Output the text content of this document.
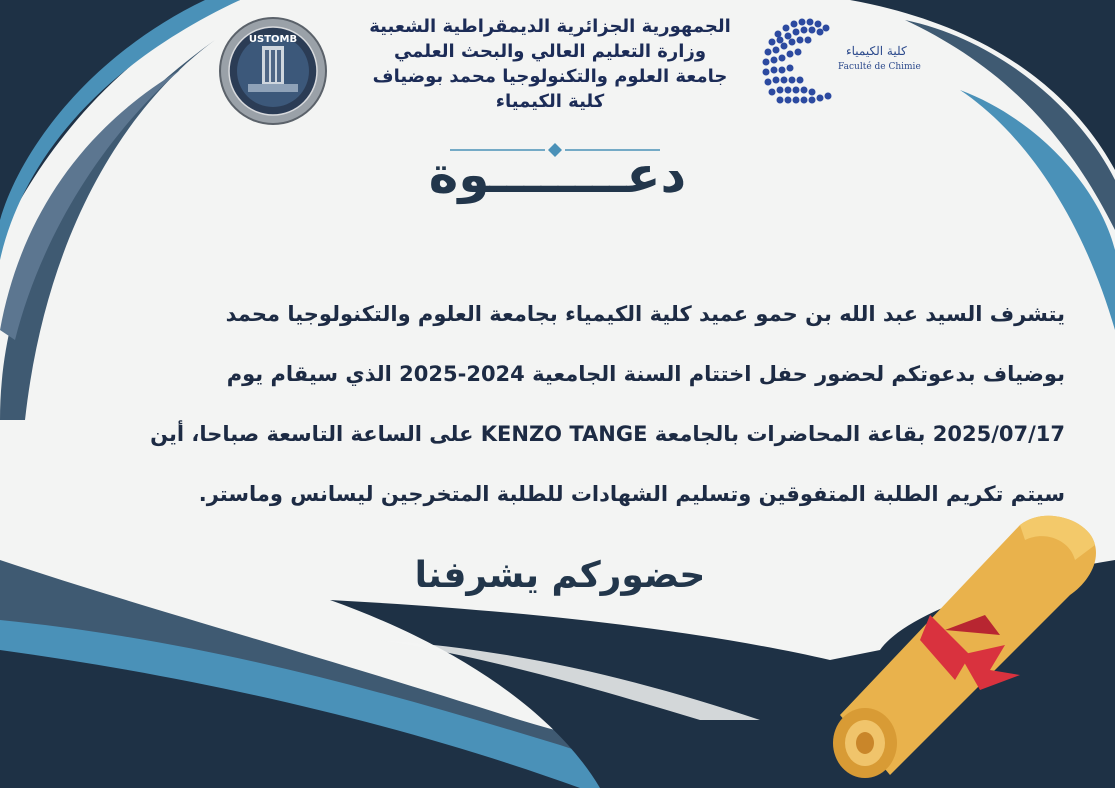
USTOMB
كلية الكيمياء
Faculté de Chimie
الجمهورية الجزائرية الديمقراطية الشعبية
وزارة التعليم العالي والبحث العلمي
جامعة العلوم والتكنولوجيا محمد بوضياف
كلية الكيمياء
دعــــــــوة
يتشرف السيد عبد الله بن حمو عميد كلية الكيمياء بجامعة العلوم والتكنولوجيا محمد
بوضياف بدعوتكم لحضور حفل اختتام السنة الجامعية 2024-2025 الذي سيقام يوم
2025/07/17 بقاعة المحاضرات بالجامعة KENZO TANGE على الساعة التاسعة صباحا، أين
سيتم تكريم الطلبة المتفوقين وتسليم الشهادات للطلبة المتخرجين ليسانس وماستر.
حضوركم يشرفنا
